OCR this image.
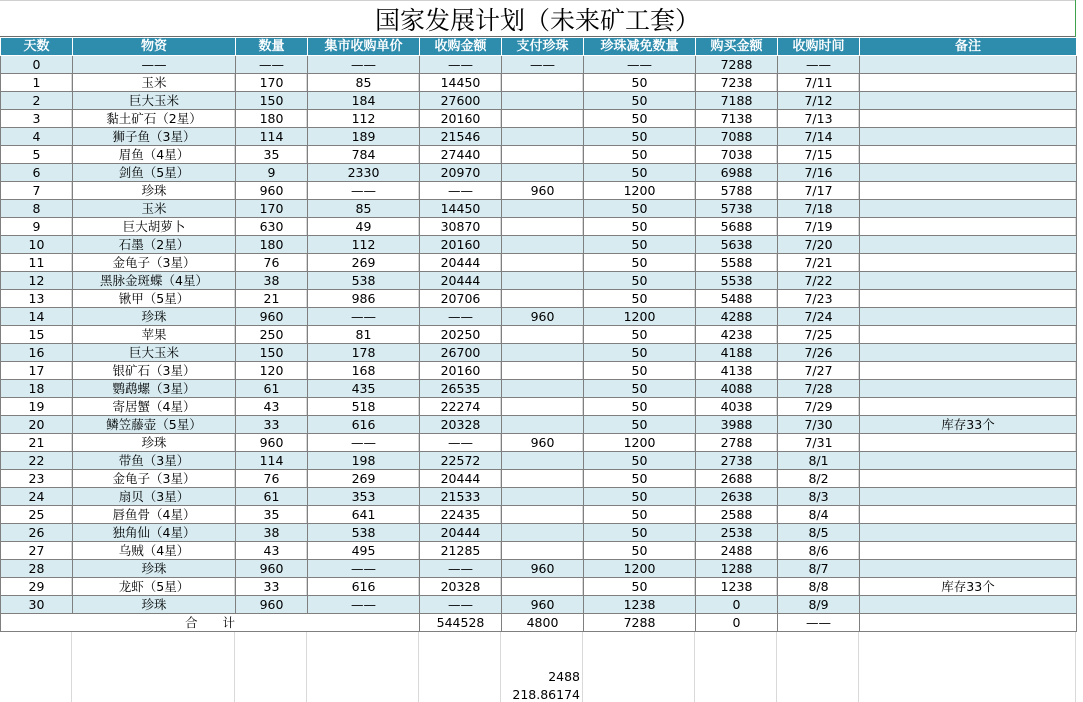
国家发展计划（未来矿工套）
天数	物资	数量	集市收购单价	收购金额	支付珍珠	珍珠减免数量	购买金额	收购时间	备注
0	——	——	——	——	——	——	7288	——	
1	玉米	170	85	14450		50	7238	7/11	
2	巨大玉米	150	184	27600		50	7188	7/12	
3	黏土矿石（2星）	180	112	20160		50	7138	7/13	
4	狮子鱼（3星）	114	189	21546		50	7088	7/14	
5	眉鱼（4星）	35	784	27440		50	7038	7/15	
6	剑鱼（5星）	9	2330	20970		50	6988	7/16	
7	珍珠	960	——	——	960	1200	5788	7/17	
8	玉米	170	85	14450		50	5738	7/18	
9	巨大胡萝卜	630	49	30870		50	5688	7/19	
10	石墨（2星）	180	112	20160		50	5638	7/20	
11	金龟子（3星）	76	269	20444		50	5588	7/21	
12	黑脉金斑蝶（4星）	38	538	20444		50	5538	7/22	
13	锹甲（5星）	21	986	20706		50	5488	7/23	
14	珍珠	960	——	——	960	1200	4288	7/24	
15	苹果	250	81	20250		50	4238	7/25	
16	巨大玉米	150	178	26700		50	4188	7/26	
17	银矿石（3星）	120	168	20160		50	4138	7/27	
18	鹦鹉螺（3星）	61	435	26535		50	4088	7/28	
19	寄居蟹（4星）	43	518	22274		50	4038	7/29	
20	鳞笠藤壶（5星）	33	616	20328		50	3988	7/30	库存33个
21	珍珠	960	——	——	960	1200	2788	7/31	
22	带鱼（3星）	114	198	22572		50	2738	8/1	
23	金龟子（3星）	76	269	20444		50	2688	8/2	
24	扇贝（3星）	61	353	21533		50	2638	8/3	
25	唇鱼骨（4星）	35	641	22435		50	2588	8/4	
26	独角仙（4星）	38	538	20444		50	2538	8/5	
27	乌贼（4星）	43	495	21285		50	2488	8/6	
28	珍珠	960	——	——	960	1200	1288	8/7	
29	龙虾（5星）	33	616	20328		50	1238	8/8	库存33个
30	珍珠	960	——	——	960	1238	0	8/9	
合　　计				544528	4800	7288	0	——	
2488
218.86174
